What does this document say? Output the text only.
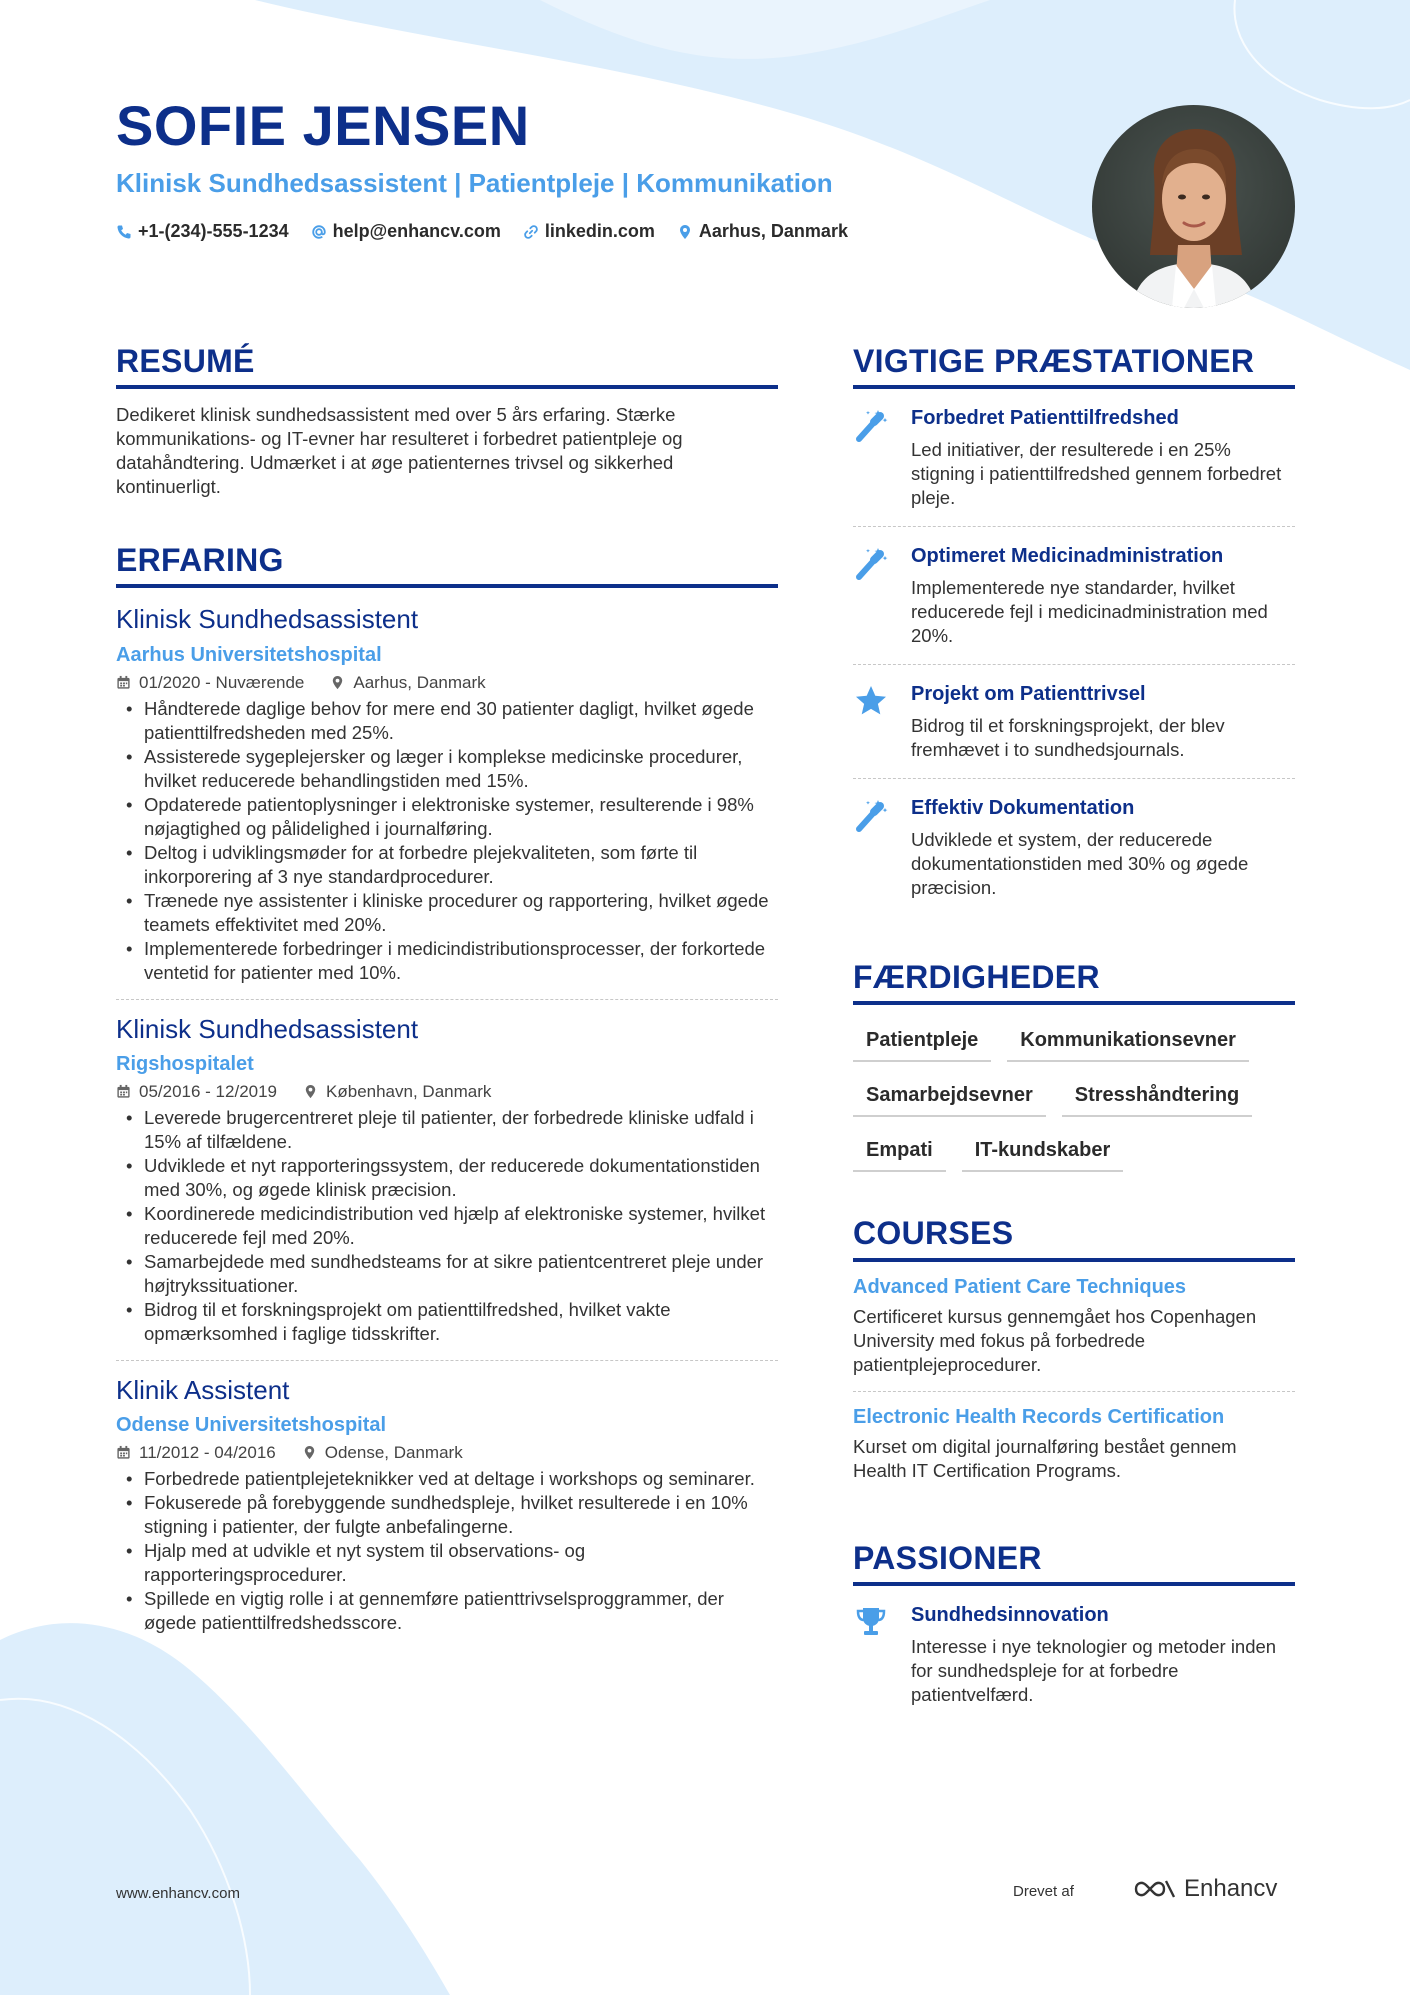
SOFIE JENSEN
Klinisk Sundhedsassistent | Patientpleje | Kommunikation
+1-(234)-555-1234 help@enhancv.com linkedin.com Aarhus, Danmark
RESUMÉ
Dedikeret klinisk sundhedsassistent med over 5 års erfaring. Stærke kommunikations- og IT-evner har resulteret i forbedret patientpleje og datahåndtering. Udmærket i at øge patienternes trivsel og sikkerhed kontinuerligt.
ERFARING
Klinisk Sundhedsassistent
Aarhus Universitetshospital
01/2020 - Nuværende	Aarhus, Danmark
• Håndterede daglige behov for mere end 30 patienter dagligt, hvilket øgede patienttilfredsheden med 25%.
• Assisterede sygeplejersker og læger i komplekse medicinske procedurer, hvilket reducerede behandlingstiden med 15%.
• Opdaterede patientoplysninger i elektroniske systemer, resulterende i 98% nøjagtighed og pålidelighed i journalføring.
• Deltog i udviklingsmøder for at forbedre plejekvaliteten, som førte til inkorporering af 3 nye standardprocedurer.
• Trænede nye assistenter i kliniske procedurer og rapportering, hvilket øgede teamets effektivitet med 20%.
• Implementerede forbedringer i medicindistributionsprocesser, der forkortede ventetid for patienter med 10%.
Klinisk Sundhedsassistent
Rigshospitalet
05/2016 - 12/2019	København, Danmark
• Leverede brugercentreret pleje til patienter, der forbedrede kliniske udfald i 15% af tilfældene.
• Udviklede et nyt rapporteringssystem, der reducerede dokumentationstiden med 30%, og øgede klinisk præcision.
• Koordinerede medicindistribution ved hjælp af elektroniske systemer, hvilket reducerede fejl med 20%.
• Samarbejdede med sundhedsteams for at sikre patientcentreret pleje under højtrykssituationer.
• Bidrog til et forskningsprojekt om patienttilfredshed, hvilket vakte opmærksomhed i faglige tidsskrifter.
Klinik Assistent
Odense Universitetshospital
11/2012 - 04/2016	Odense, Danmark
• Forbedrede patientplejeteknikker ved at deltage i workshops og seminarer.
• Fokuserede på forebyggende sundhedspleje, hvilket resulterede i en 10% stigning i patienter, der fulgte anbefalingerne.
• Hjalp med at udvikle et nyt system til observations- og rapporteringsprocedurer.
• Spillede en vigtig rolle i at gennemføre patienttrivselsproggrammer, der øgede patienttilfredshedsscore.
VIGTIGE PRÆSTATIONER
Forbedret Patienttilfredshed
Led initiativer, der resulterede i en 25% stigning i patienttilfredshed gennem forbedret pleje.
Optimeret Medicinadministration
Implementerede nye standarder, hvilket reducerede fejl i medicinadministration med 20%.
Projekt om Patienttrivsel
Bidrog til et forskningsprojekt, der blev fremhævet i to sundhedsjournals.
Effektiv Dokumentation
Udviklede et system, der reducerede dokumentationstiden med 30% og øgede præcision.
FÆRDIGHEDER
Patientpleje	Kommunikationsevner
Samarbejdsevner	Stresshåndtering
Empati	IT-kundskaber
COURSES
Advanced Patient Care Techniques
Certificeret kursus gennemgået hos Copenhagen University med fokus på forbedrede patientplejeprocedurer.
Electronic Health Records Certification
Kurset om digital journalføring bestået gennem Health IT Certification Programs.
PASSIONER
Sundhedsinnovation
Interesse i nye teknologier og metoder inden for sundhedspleje for at forbedre patientvelfærd.
www.enhancv.com	Drevet af	Enhancv
